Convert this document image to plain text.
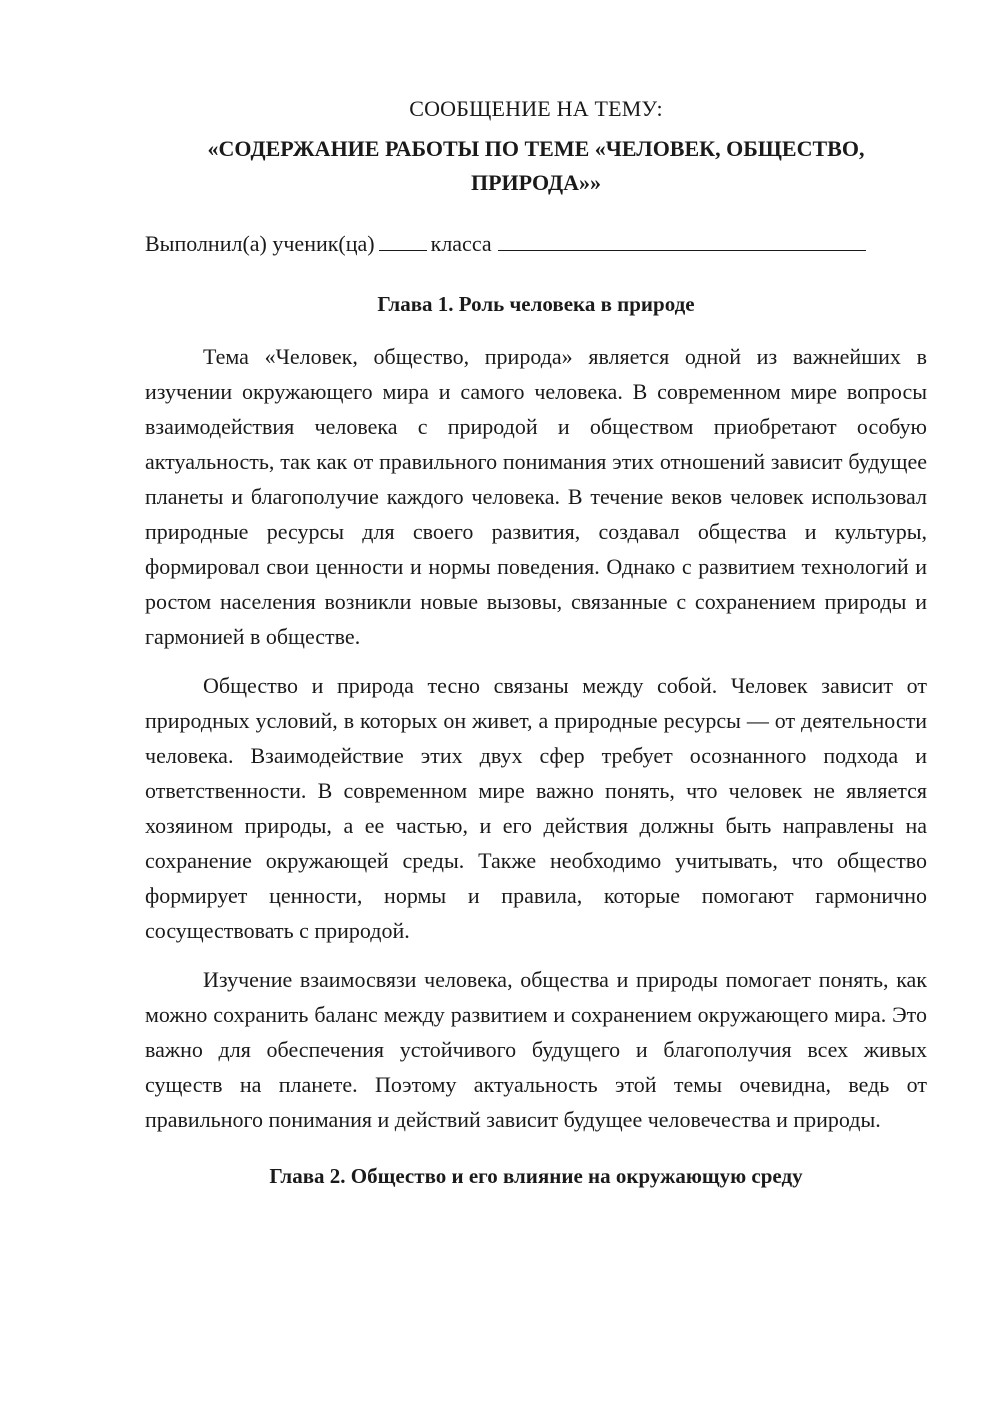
СООБЩЕНИЕ НА ТЕМУ:
«СОДЕРЖАНИЕ РАБОТЫ ПО ТЕМЕ «ЧЕЛОВЕК, ОБЩЕСТВО, ПРИРОДА»»
Выполнил(а) ученик(ца)	класса
Глава 1. Роль человека в природе

Тема «Человек, общество, природа» является одной из важнейших в изучении окружающего мира и самого человека. В современном мире вопросы взаимодействия человека с природой и обществом приобретают особую актуальность, так как от правильного понимания этих отношений зависит будущее планеты и благополучие каждого человека. В течение веков человек использовал природные ресурсы для своего развития, создавал общества и культуры, формировал свои ценности и нормы поведения. Однако с развитием технологий и ростом населения возникли новые вызовы, связанные с сохранением природы и гармонией в обществе.

Общество и природа тесно связаны между собой. Человек зависит от природных условий, в которых он живет, а природные ресурсы — от деятельности человека. Взаимодействие этих двух сфер требует осознанного подхода и ответственности. В современном мире важно понять, что человек не является хозяином природы, а ее частью, и его действия должны быть направлены на сохранение окружающей среды. Также необходимо учитывать, что общество формирует ценности, нормы и правила, которые помогают гармонично сосуществовать с природой.

Изучение взаимосвязи человека, общества и природы помогает понять, как можно сохранить баланс между развитием и сохранением окружающего мира. Это важно для обеспечения устойчивого будущего и благополучия всех живых существ на планете. Поэтому актуальность этой темы очевидна, ведь от правильного понимания и действий зависит будущее человечества и природы.

Глава 2. Общество и его влияние на окружающую среду
